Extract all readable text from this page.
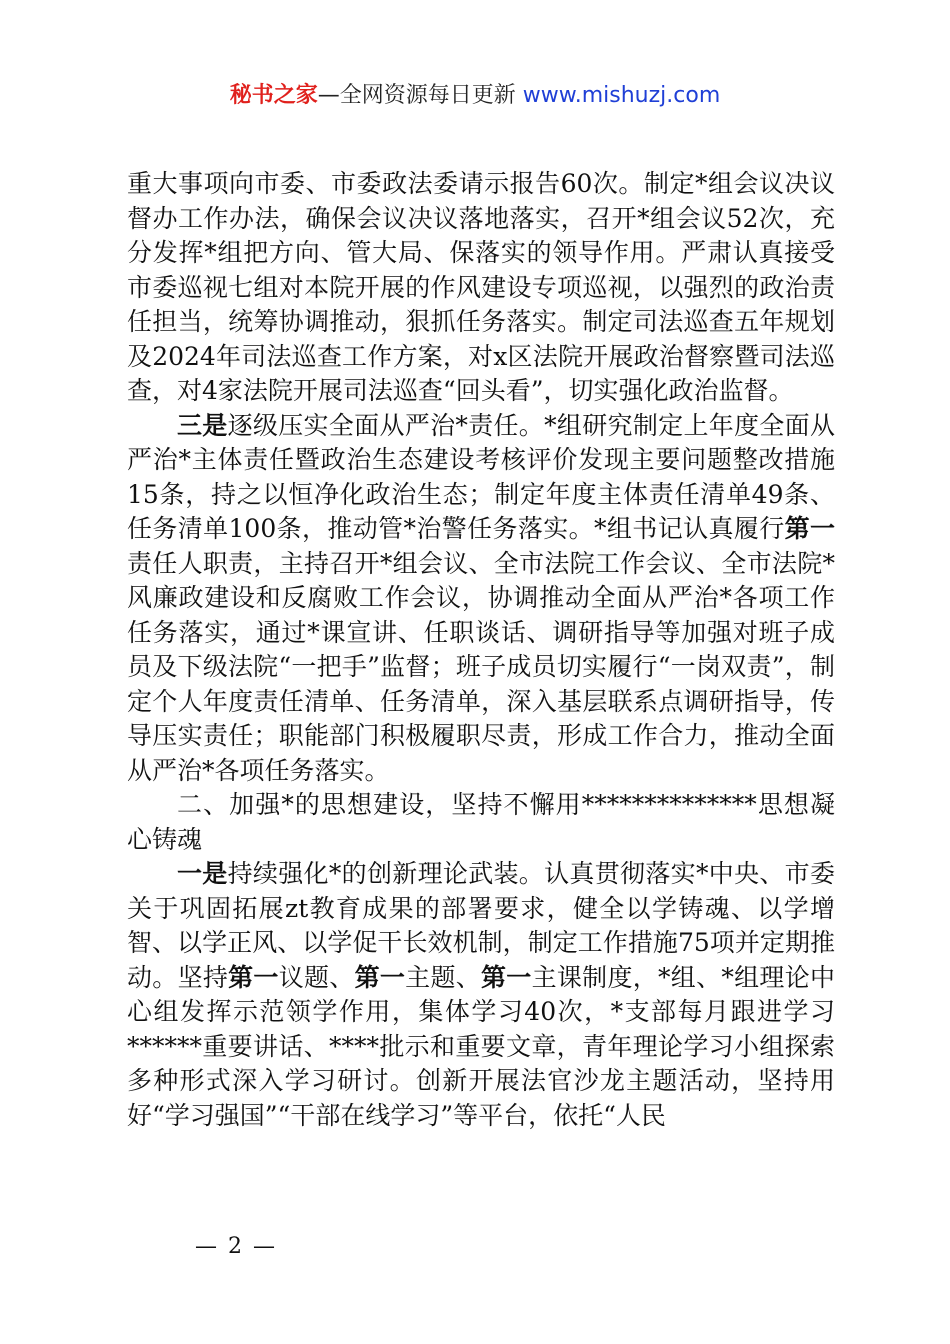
秘书之家—全网资源每日更新 www.mishuzj.com

重大事项向市委、市委政法委请示报告60次。制定*组会议决议督办工作办法，确保会议决议落地落实，召开*组会议52次，充分发挥*组把方向、管大局、保落实的领导作用。严肃认真接受市委巡视七组对本院开展的作风建设专项巡视，以强烈的政治责任担当，统筹协调推动，狠抓任务落实。制定司法巡查五年规划及2024年司法巡查工作方案，对x区法院开展政治督察暨司法巡查，对4家法院开展司法巡查“回头看”，切实强化政治监督。

三是逐级压实全面从严治*责任。*组研究制定上年度全面从严治*主体责任暨政治生态建设考核评价发现主要问题整改措施15条，持之以恒净化政治生态；制定年度主体责任清单49条、任务清单100条，推动管*治警任务落实。*组书记认真履行第一责任人职责，主持召开*组会议、全市法院工作会议、全市法院*风廉政建设和反腐败工作会议，协调推动全面从严治*各项工作任务落实，通过*课宣讲、任职谈话、调研指导等加强对班子成员及下级法院“一把手”监督；班子成员切实履行“一岗双责”，制定个人年度责任清单、任务清单，深入基层联系点调研指导，传导压实责任；职能部门积极履职尽责，形成工作合力，推动全面从严治*各项任务落实。

二、加强*的思想建设，坚持不懈用**************思想凝心铸魂

一是持续强化*的创新理论武装。认真贯彻落实*中央、市委关于巩固拓展zt教育成果的部署要求，健全以学铸魂、以学增智、以学正风、以学促干长效机制，制定工作措施75项并定期推动。坚持第一议题、第一主题、第一主课制度，*组、*组理论中心组发挥示范领学作用，集体学习40次，*支部每月跟进学习******重要讲话、****批示和重要文章，青年理论学习小组探索多种形式深入学习研讨。创新开展法官沙龙主题活动，坚持用好“学习强国”“干部在线学习”等平台，依托“人民

— 2 —
